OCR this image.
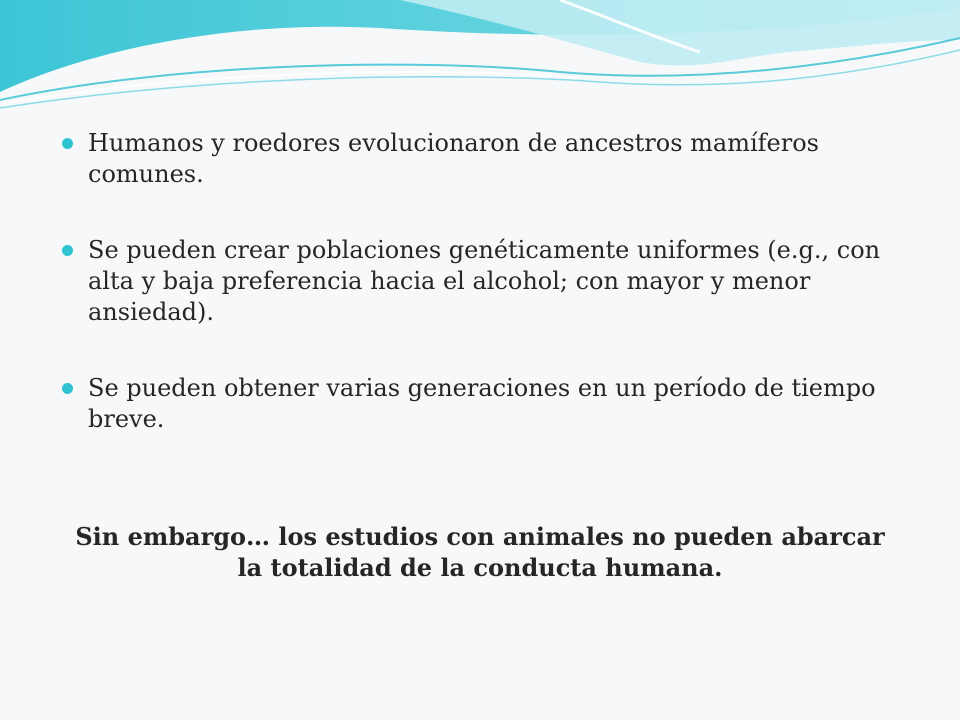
Humanos y roedores evolucionaron de ancestros mamíferos comunes.
Se pueden crear poblaciones genéticamente uniformes (e.g., con alta y baja preferencia hacia el alcohol; con mayor y menor ansiedad).
Se pueden obtener varias generaciones en un período de tiempo breve.

Sin embargo… los estudios con animales no pueden abarcar la totalidad de la conducta humana.
